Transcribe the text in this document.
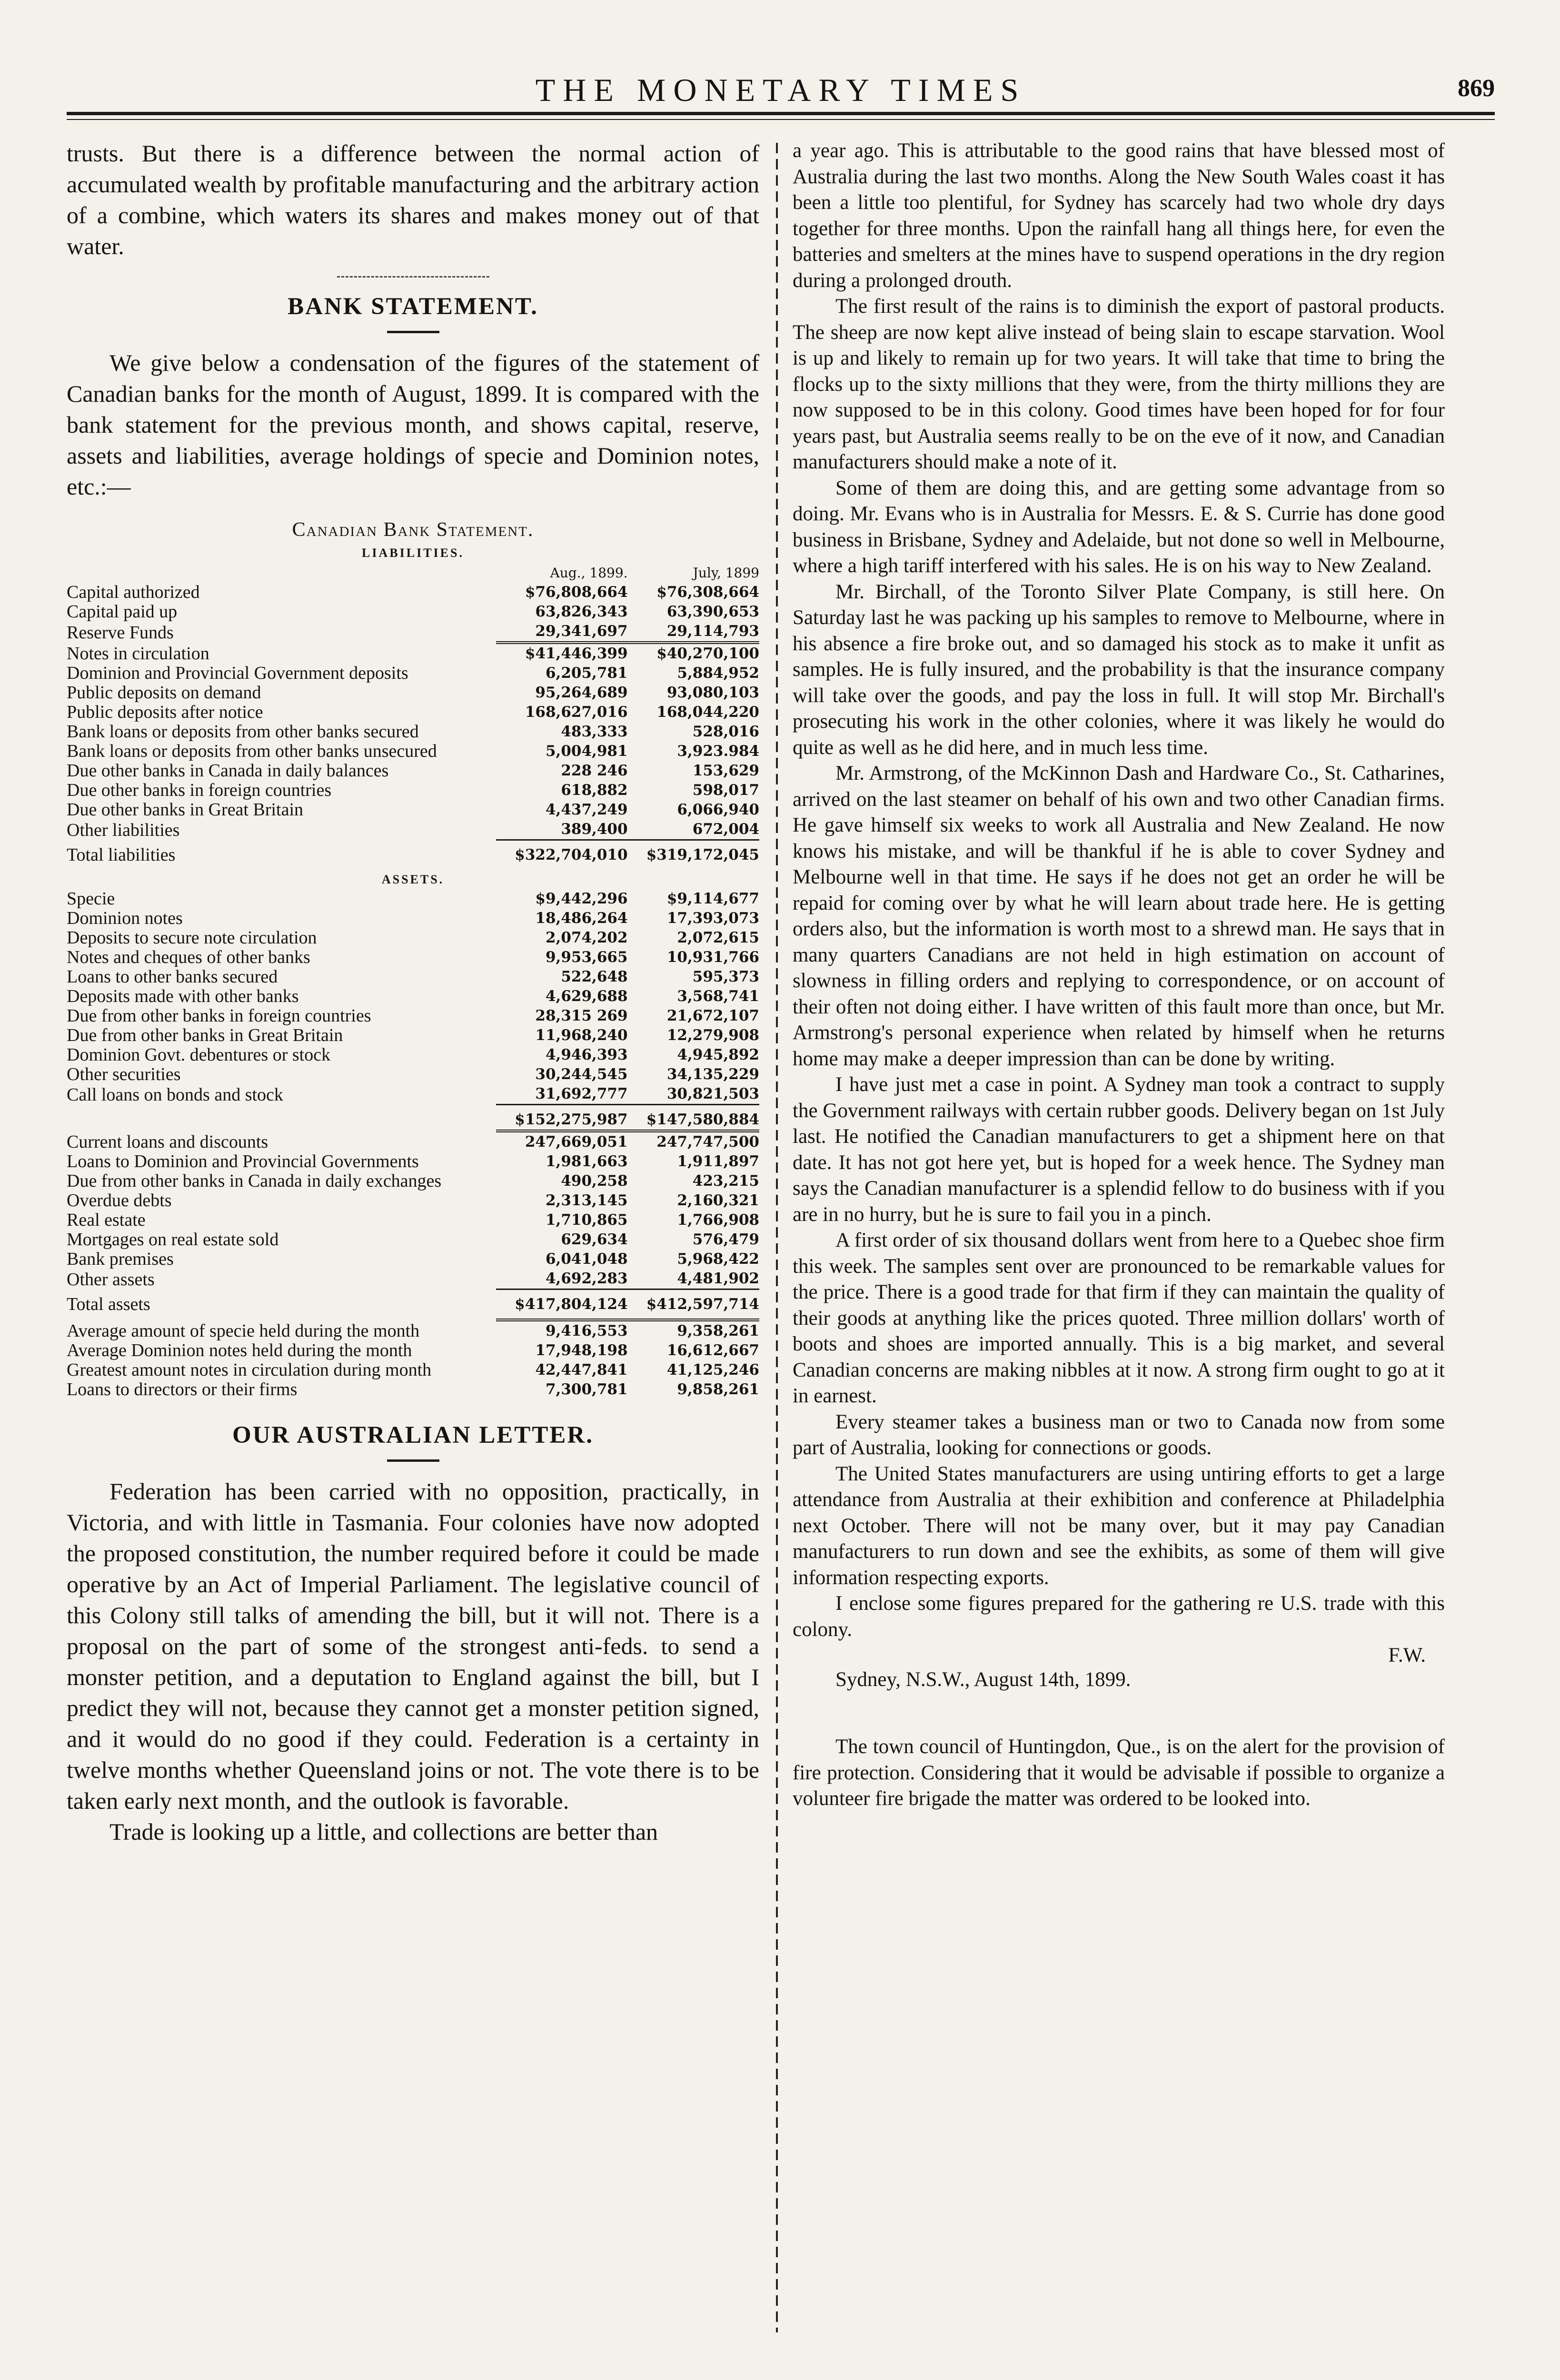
THE MONETARY TIMES	869

trusts. But there is a difference between the normal action of accumulated wealth by profitable manufacturing and the arbitrary action of a combine, which waters its shares and makes money out of that water.

BANK STATEMENT.

We give below a condensation of the figures of the statement of Canadian banks for the month of August, 1899. It is compared with the bank statement for the previous month, and shows capital, reserve, assets and liabilities, average holdings of specie and Dominion notes, etc.:—

Canadian Bank Statement.
LIABILITIES.
	Aug., 1899.	July, 1899
Capital authorized	$76,808,664	$76,308,664
Capital paid up	63,826,343	63,390,653
Reserve Funds	29,341,697	29,114,793
Notes in circulation	$41,446,399	$40,270,100
Dominion and Provincial Government deposits	6,205,781	5,884,952
Public deposits on demand	95,264,689	93,080,103
Public deposits after notice	168,627,016	168,044,220
Bank loans or deposits from other banks secured	483,333	528,016
Bank loans or deposits from other banks unsecured	5,004,981	3,923.984
Due other banks in Canada in daily balances	228 246	153,629
Due other banks in foreign countries	618,882	598,017
Due other banks in Great Britain	4,437,249	6,066,940
Other liabilities	389,400	672,004
Total liabilities	$322,704,010	$319,172,045
ASSETS.		
Specie	$9,442,296	$9,114,677
Dominion notes	18,486,264	17,393,073
Deposits to secure note circulation	2,074,202	2,072,615
Notes and cheques of other banks	9,953,665	10,931,766
Loans to other banks secured	522,648	595,373
Deposits made with other banks	4,629,688	3,568,741
Due from other banks in foreign countries	28,315 269	21,672,107
Due from other banks in Great Britain	11,968,240	12,279,908
Dominion Govt. debentures or stock	4,946,393	4,945,892
Other securities	30,244,545	34,135,229
Call loans on bonds and stock	31,692,777	30,821,503
	$152,275,987	$147,580,884
Current loans and discounts	247,669,051	247,747,500
Loans to Dominion and Provincial Governments	1,981,663	1,911,897
Due from other banks in Canada in daily exchanges	490,258	423,215
Overdue debts	2,313,145	2,160,321
Real estate	1,710,865	1,766,908
Mortgages on real estate sold	629,634	576,479
Bank premises	6,041,048	5,968,422
Other assets	4,692,283	4,481,902
Total assets	$417,804,124	$412,597,714

Average amount of specie held during the month	9,416,553	9,358,261
Average Dominion notes held during the month	17,948,198	16,612,667
Greatest amount notes in circulation during month	42,447,841	41,125,246
Loans to directors or their firms	7,300,781	9,858,261
OUR AUSTRALIAN LETTER.

Federation has been carried with no opposition, practically, in Victoria, and with little in Tasmania. Four colonies have now adopted the proposed constitution, the number required before it could be made operative by an Act of Imperial Parliament. The legislative council of this Colony still talks of amending the bill, but it will not. There is a proposal on the part of some of the strongest anti-feds. to send a monster petition, and a deputation to England against the bill, but I predict they will not, because they cannot get a monster petition signed, and it would do no good if they could. Federation is a certainty in twelve months whether Queensland joins or not. The vote there is to be taken early next month, and the outlook is favorable.

Trade is looking up a little, and collections are better than

a year ago. This is attributable to the good rains that have blessed most of Australia during the last two months. Along the New South Wales coast it has been a little too plentiful, for Sydney has scarcely had two whole dry days together for three months. Upon the rainfall hang all things here, for even the batteries and smelters at the mines have to suspend operations in the dry region during a prolonged drouth.

The first result of the rains is to diminish the export of pastoral products. The sheep are now kept alive instead of being slain to escape starvation. Wool is up and likely to remain up for two years. It will take that time to bring the flocks up to the sixty millions that they were, from the thirty millions they are now supposed to be in this colony. Good times have been hoped for for four years past, but Australia seems really to be on the eve of it now, and Canadian manufacturers should make a note of it.

Some of them are doing this, and are getting some advantage from so doing. Mr. Evans who is in Australia for Messrs. E. & S. Currie has done good business in Brisbane, Sydney and Adelaide, but not done so well in Melbourne, where a high tariff interfered with his sales. He is on his way to New Zealand.

Mr. Birchall, of the Toronto Silver Plate Company, is still here. On Saturday last he was packing up his samples to remove to Melbourne, where in his absence a fire broke out, and so damaged his stock as to make it unfit as samples. He is fully insured, and the probability is that the insurance company will take over the goods, and pay the loss in full. It will stop Mr. Birchall's prosecuting his work in the other colonies, where it was likely he would do quite as well as he did here, and in much less time.

Mr. Armstrong, of the McKinnon Dash and Hardware Co., St. Catharines, arrived on the last steamer on behalf of his own and two other Canadian firms. He gave himself six weeks to work all Australia and New Zealand. He now knows his mistake, and will be thankful if he is able to cover Sydney and Melbourne well in that time. He says if he does not get an order he will be repaid for coming over by what he will learn about trade here. He is getting orders also, but the information is worth most to a shrewd man. He says that in many quarters Canadians are not held in high estimation on account of slowness in filling orders and replying to correspondence, or on account of their often not doing either. I have written of this fault more than once, but Mr. Armstrong's personal experience when related by himself when he returns home may make a deeper impression than can be done by writing.

I have just met a case in point. A Sydney man took a contract to supply the Government railways with certain rubber goods. Delivery began on 1st July last. He notified the Canadian manufacturers to get a shipment here on that date. It has not got here yet, but is hoped for a week hence. The Sydney man says the Canadian manufacturer is a splendid fellow to do business with if you are in no hurry, but he is sure to fail you in a pinch.

A first order of six thousand dollars went from here to a Quebec shoe firm this week. The samples sent over are pronounced to be remarkable values for the price. There is a good trade for that firm if they can maintain the quality of their goods at anything like the prices quoted. Three million dollars' worth of boots and shoes are imported annually. This is a big market, and several Canadian concerns are making nibbles at it now. A strong firm ought to go at it in earnest.

Every steamer takes a business man or two to Canada now from some part of Australia, looking for connections or goods.

The United States manufacturers are using untiring efforts to get a large attendance from Australia at their exhibition and conference at Philadelphia next October. There will not be many over, but it may pay Canadian manufacturers to run down and see the exhibits, as some of them will give information respecting exports.

I enclose some figures prepared for the gathering re U.S. trade with this colony.

F.W.
Sydney, N.S.W., August 14th, 1899.

The town council of Huntingdon, Que., is on the alert for the provision of fire protection. Considering that it would be advisable if possible to organize a volunteer fire brigade the matter was ordered to be looked into.
